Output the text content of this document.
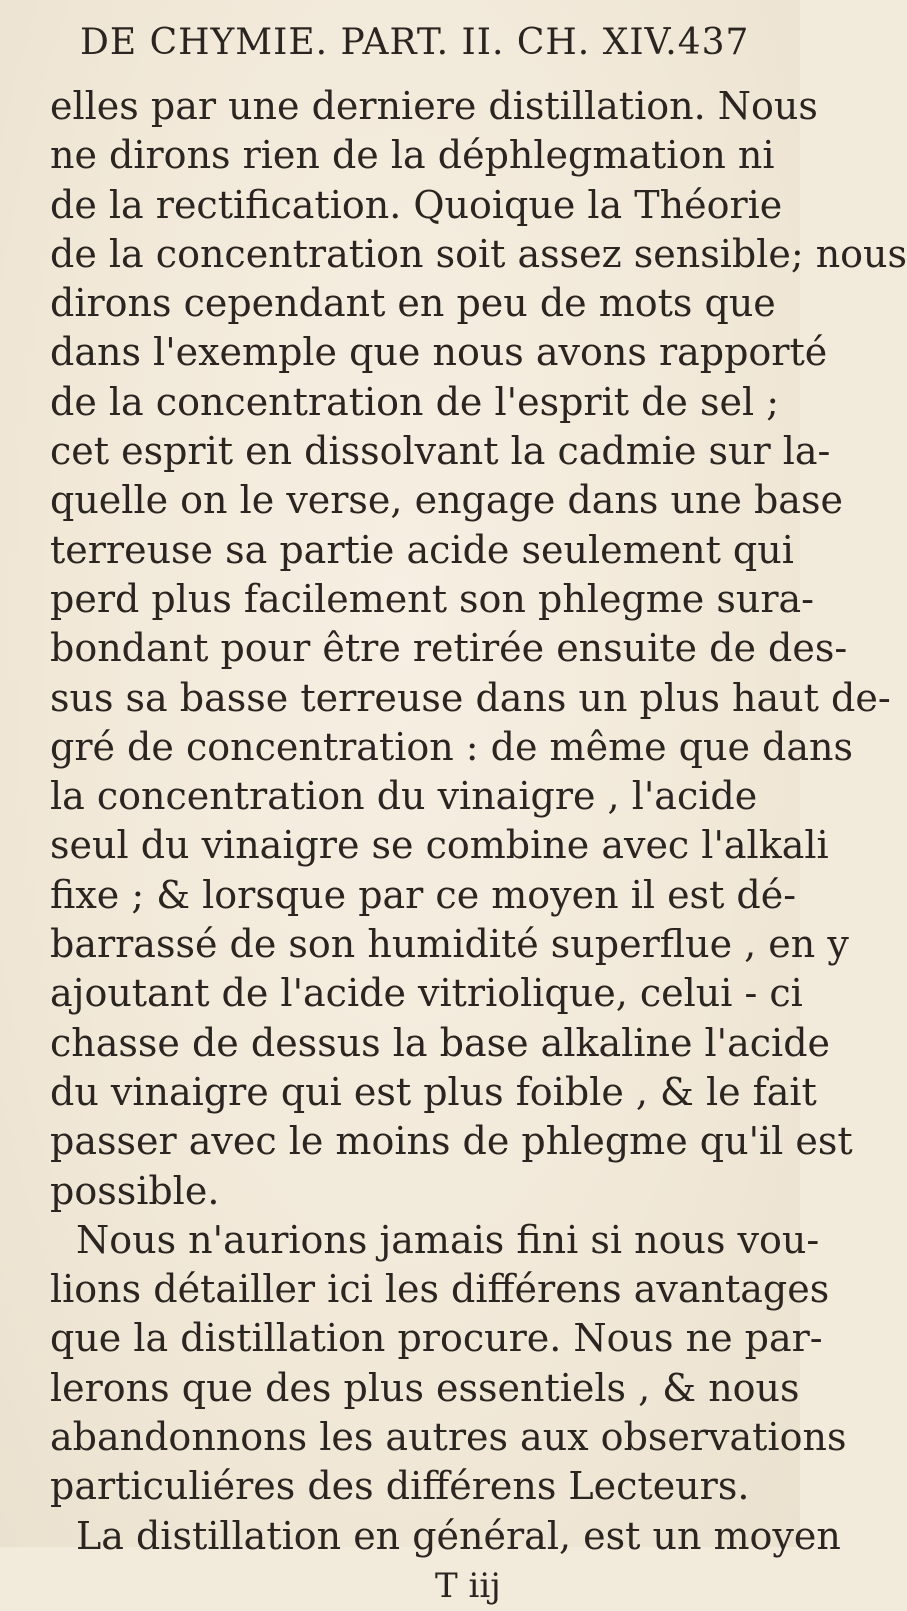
DE CHYMIE. PART. II. CH. XIV. 437
elles par une derniere distillation. Nous
ne dirons rien de la déphlegmation ni
de la rectification. Quoique la Théorie
de la concentration soit assez sensible; nous
dirons cependant en peu de mots que
dans l'exemple que nous avons rapporté
de la concentration de l'esprit de sel ;
cet esprit en dissolvant la cadmie sur la-
quelle on le verse, engage dans une base
terreuse sa partie acide seulement qui
perd plus facilement son phlegme sura-
bondant pour être retirée ensuite de des-
sus sa basse terreuse dans un plus haut de-
gré de concentration : de même que dans
la concentration du vinaigre , l'acide
seul du vinaigre se combine avec l'alkali
fixe ; & lorsque par ce moyen il est dé-
barrassé de son humidité superflue , en y
ajoutant de l'acide vitriolique, celui - ci
chasse de dessus la base alkaline l'acide
du vinaigre qui est plus foible , & le fait
passer avec le moins de phlegme qu'il est
possible.
Nous n'aurions jamais fini si nous vou-
lions détailler ici les différens avantages
que la distillation procure. Nous ne par-
lerons que des plus essentiels , & nous
abandonnons les autres aux observations
particuliéres des différens Lecteurs.
La distillation en général, est un moyen
T iij
